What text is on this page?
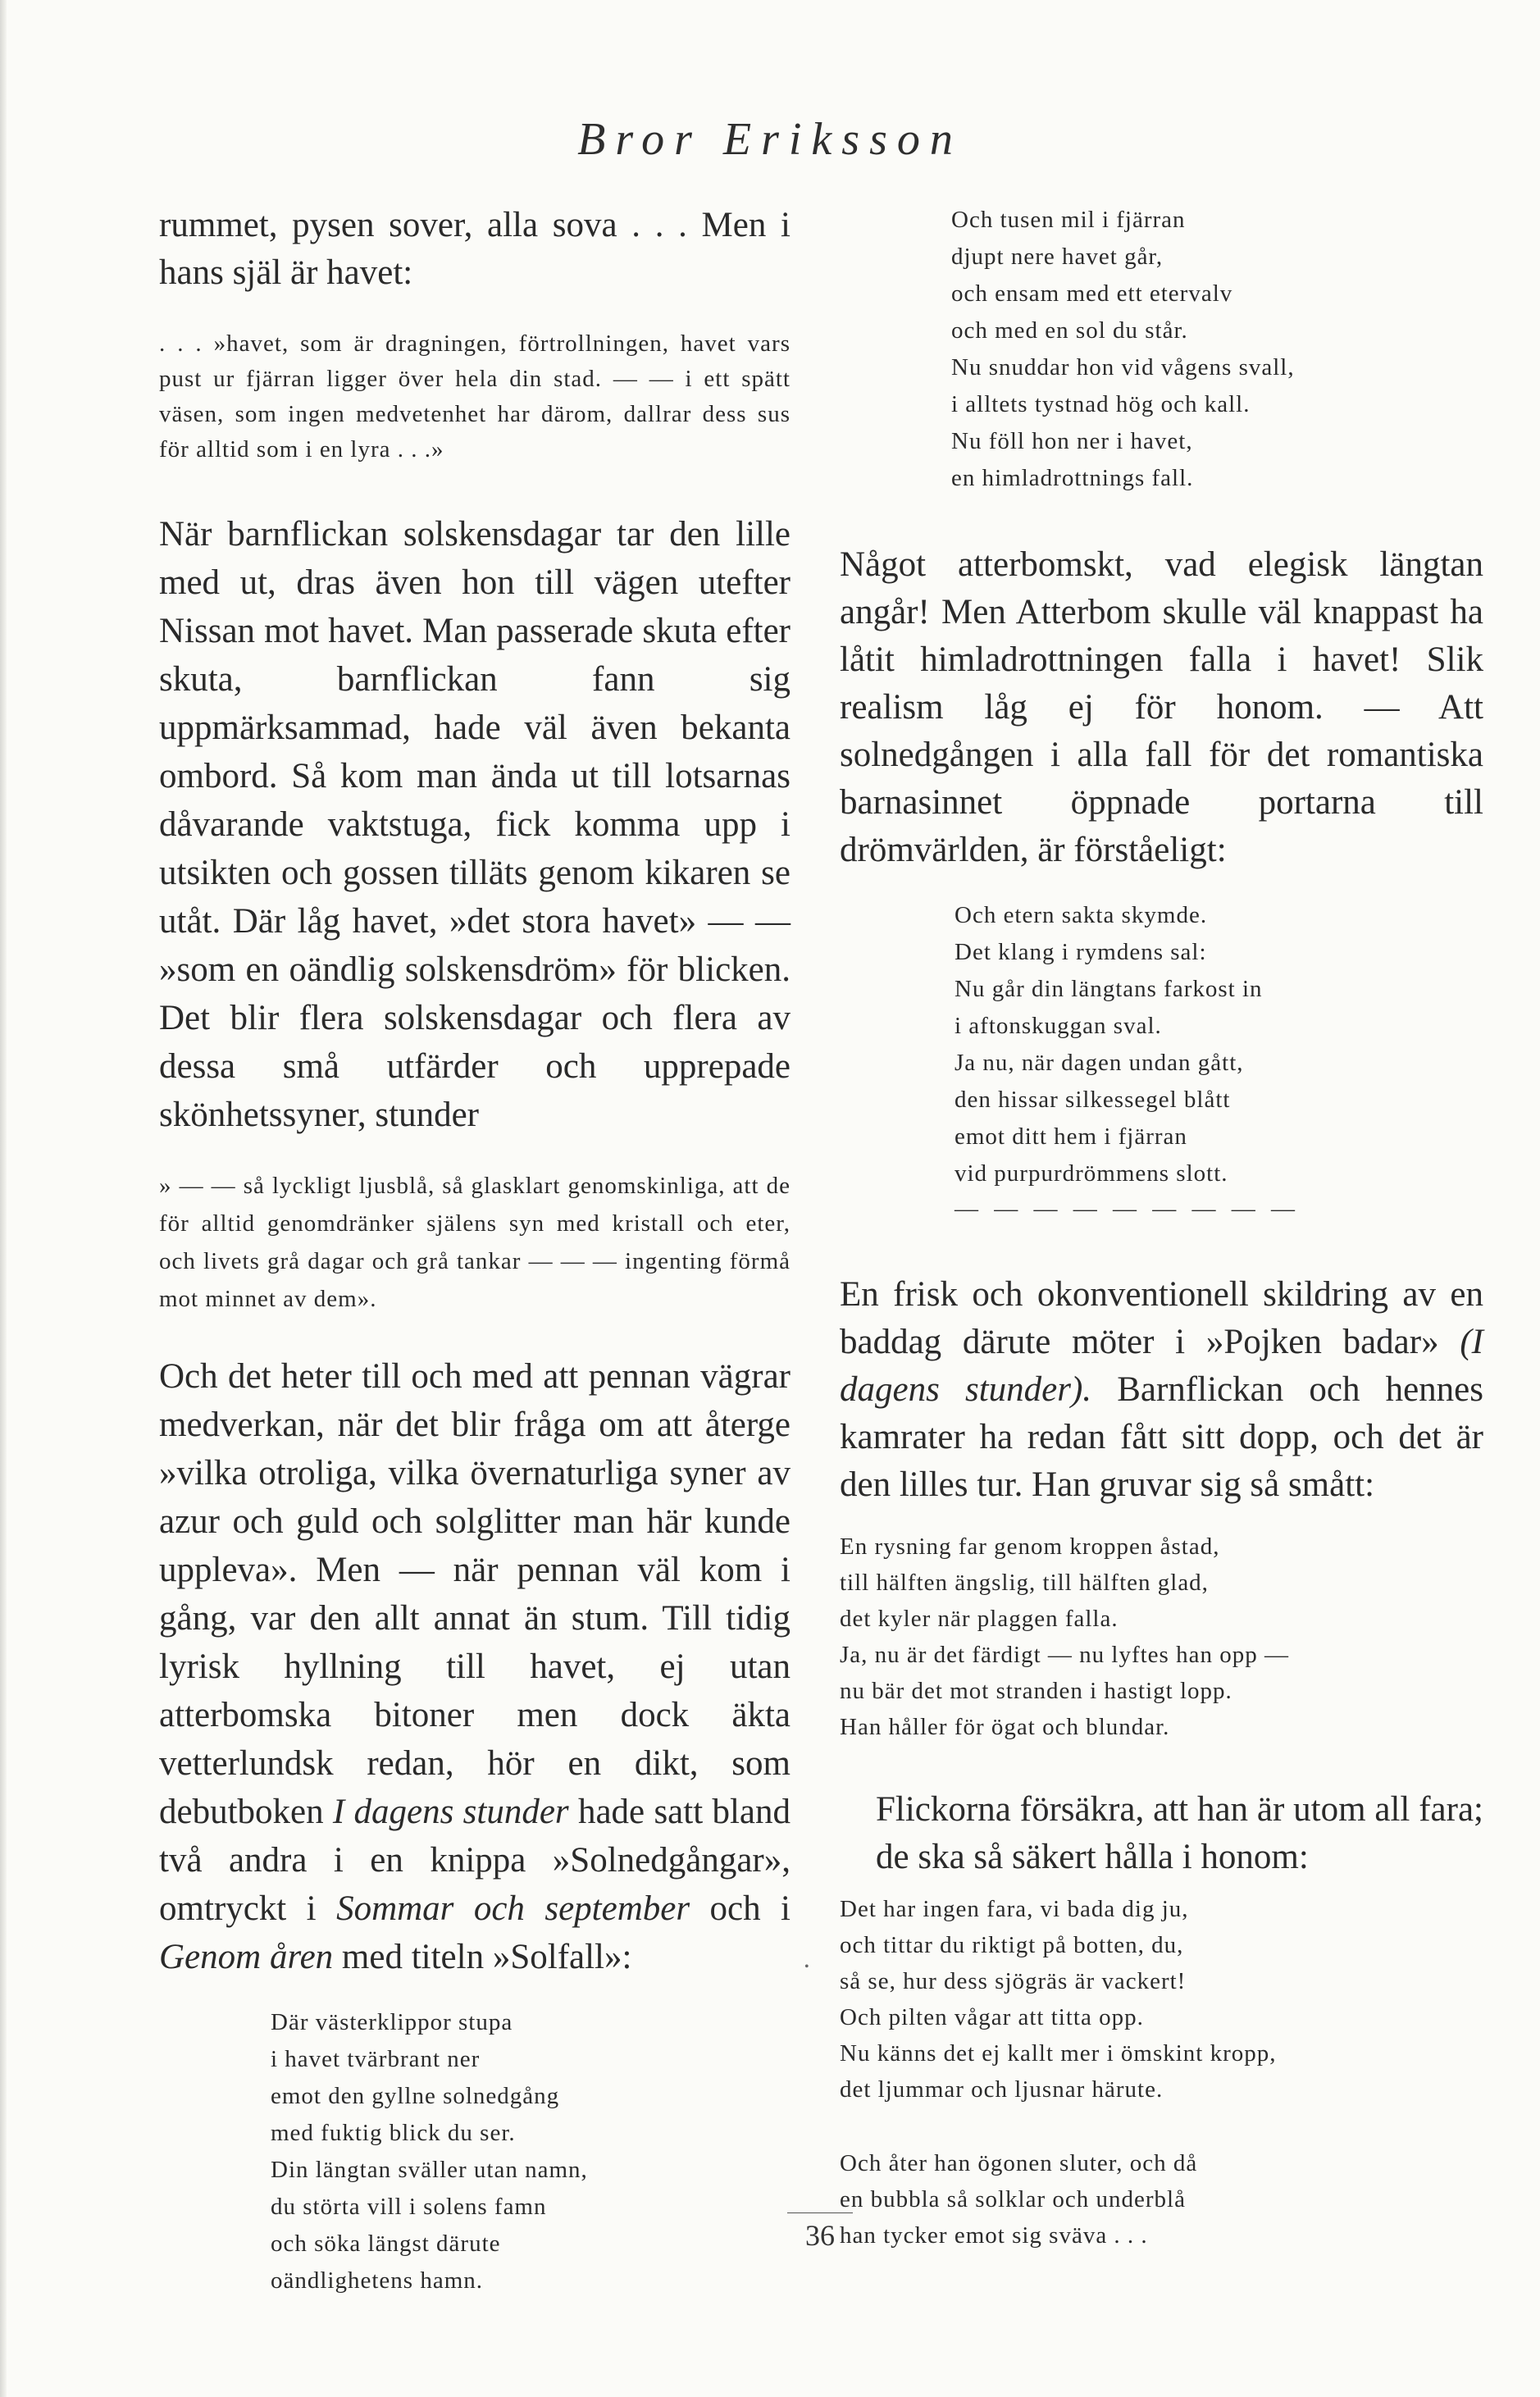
Bror Eriksson

rummet, pysen sover, alla sova . . . Men i hans själ är havet:

. . . »havet, som är dragningen, förtrollningen, havet vars pust ur fjärran ligger över hela din stad. — — i ett spätt väsen, som ingen medvetenhet har därom, dallrar dess sus för alltid som i en lyra . . .»

När barnflickan solskensdagar tar den lille med ut, dras även hon till vägen utefter Nissan mot havet. Man passerade skuta efter skuta, barnflickan fann sig uppmärksammad, hade väl även bekanta ombord. Så kom man ända ut till lotsarnas dåvarande vaktstuga, fick komma upp i utsikten och gossen tilläts genom kikaren se utåt. Där låg havet, »det stora havet» — — »som en oändlig solskensdröm» för blicken. Det blir flera solskensdagar och flera av dessa små utfärder och upprepade skönhetssyner, stunder

» — — så lyckligt ljusblå, så glasklart genomskinliga, att de för alltid genomdränker själens syn med kristall och eter, och livets grå dagar och grå tankar — — — ingenting förmå mot minnet av dem».

Och det heter till och med att pennan vägrar medverkan, när det blir fråga om att återge »vilka otroliga, vilka övernaturliga syner av azur och guld och solglitter man här kunde uppleva». Men — när pennan väl kom i gång, var den allt annat än stum. Till tidig lyrisk hyllning till havet, ej utan atterbomska bitoner men dock äkta vetterlundsk redan, hör en dikt, som debutboken I dagens stunder hade satt bland två andra i en knippa »Solnedgångar», omtryckt i Sommar och september och i Genom åren med titeln »Solfall»:

Där västerklippor stupa
i havet tvärbrant ner
emot den gyllne solnedgång
med fuktig blick du ser.
Din längtan sväller utan namn,
du störta vill i solens famn
och söka längst därute
oändlighetens hamn.
Och tusen mil i fjärran
djupt nere havet går,
och ensam med ett etervalv
och med en sol du står.
Nu snuddar hon vid vågens svall,
i alltets tystnad hög och kall.
Nu föll hon ner i havet,
en himladrottnings fall.

Något atterbomskt, vad elegisk längtan angår! Men Atterbom skulle väl knappast ha låtit himladrottningen falla i havet! Slik realism låg ej för honom. — Att solnedgången i alla fall för det romantiska barnasinnet öppnade portarna till drömvärlden, är förståeligt:

Och etern sakta skymde.
Det klang i rymdens sal:
Nu går din längtans farkost in
i aftonskuggan sval.
Ja nu, när dagen undan gått,
den hissar silkessegel blått
emot ditt hem i fjärran
vid purpurdrömmens slott.
— — — — — — — — —

En frisk och okonventionell skildring av en baddag därute möter i »Pojken badar» (I dagens stunder). Barnflickan och hennes kamrater ha redan fått sitt dopp, och det är den lilles tur. Han gruvar sig så smått:

En rysning far genom kroppen åstad,
till hälften ängslig, till hälften glad,
det kyler när plaggen falla.
Ja, nu är det färdigt — nu lyftes han opp —
nu bär det mot stranden i hastigt lopp.
Han håller för ögat och blundar.

Flickorna försäkra, att han är utom all fara; de ska så säkert hålla i honom:

Det har ingen fara, vi bada dig ju,
och tittar du riktigt på botten, du,
så se, hur dess sjögräs är vackert!
Och pilten vågar att titta opp.
Nu känns det ej kallt mer i ömskint kropp,
det ljummar och ljusnar härute.
Och åter han ögonen sluter, och då
en bubbla så solklar och underblå
han tycker emot sig sväva . . .
•
36
